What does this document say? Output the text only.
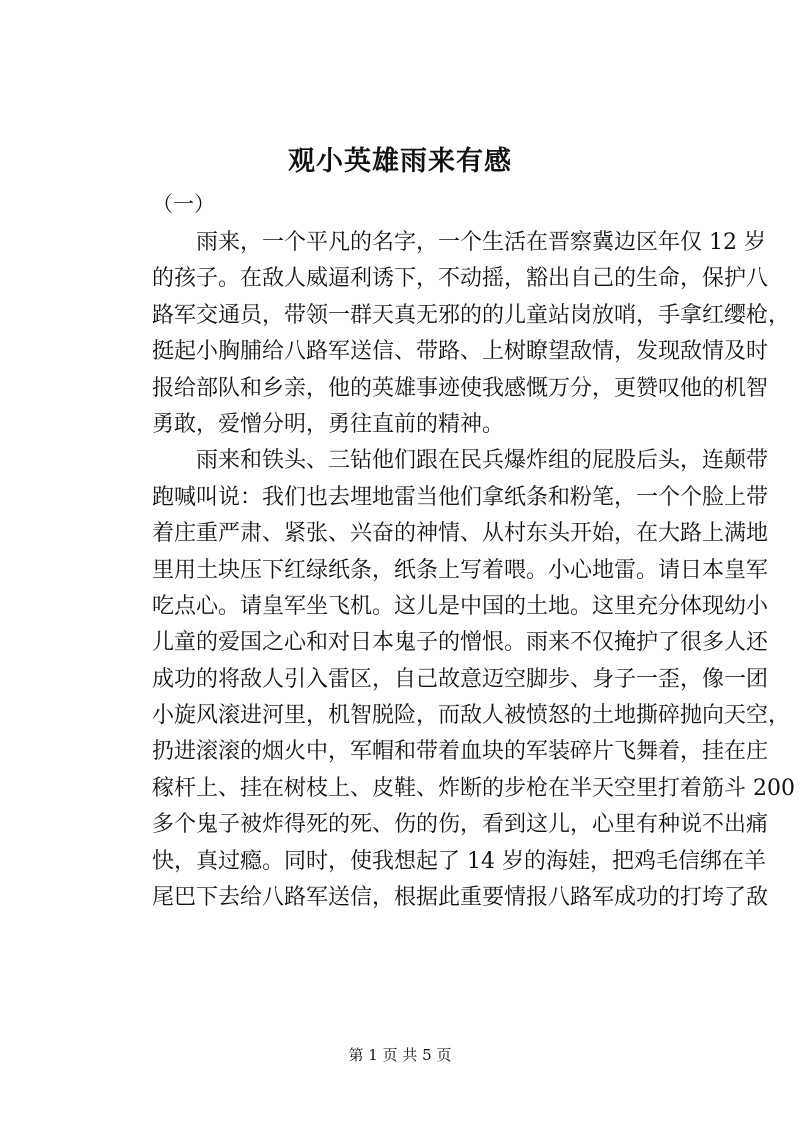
观小英雄雨来有感

（一）

雨来，一个平凡的名字，一个生活在晋察冀边区年仅 12 岁
的孩子。在敌人威逼利诱下，不动摇，豁出自己的生命，保护八
路军交通员，带领一群天真无邪的的儿童站岗放哨，手拿红缨枪，
挺起小胸脯给八路军送信、带路、上树瞭望敌情，发现敌情及时
报给部队和乡亲，他的英雄事迹使我感慨万分，更赞叹他的机智
勇敢，爱憎分明，勇往直前的精神。
雨来和铁头、三钻他们跟在民兵爆炸组的屁股后头，连颠带
跑喊叫说：我们也去埋地雷当他们拿纸条和粉笔，一个个脸上带
着庄重严肃、紧张、兴奋的神情、从村东头开始，在大路上满地
里用土块压下红绿纸条，纸条上写着喂。小心地雷。请日本皇军
吃点心。请皇军坐飞机。这儿是中国的土地。这里充分体现幼小
儿童的爱国之心和对日本鬼子的憎恨。雨来不仅掩护了很多人还
成功的将敌人引入雷区，自己故意迈空脚步、身子一歪，像一团
小旋风滚进河里，机智脱险，而敌人被愤怒的土地撕碎抛向天空，
扔进滚滚的烟火中，军帽和带着血块的军装碎片飞舞着，挂在庄
稼杆上、挂在树枝上、皮鞋、炸断的步枪在半天空里打着筋斗 200
多个鬼子被炸得死的死、伤的伤，看到这儿，心里有种说不出痛
快，真过瘾。同时，使我想起了 14 岁的海娃，把鸡毛信绑在羊
尾巴下去给八路军送信，根据此重要情报八路军成功的打垮了敌

第 1 页 共 5 页
